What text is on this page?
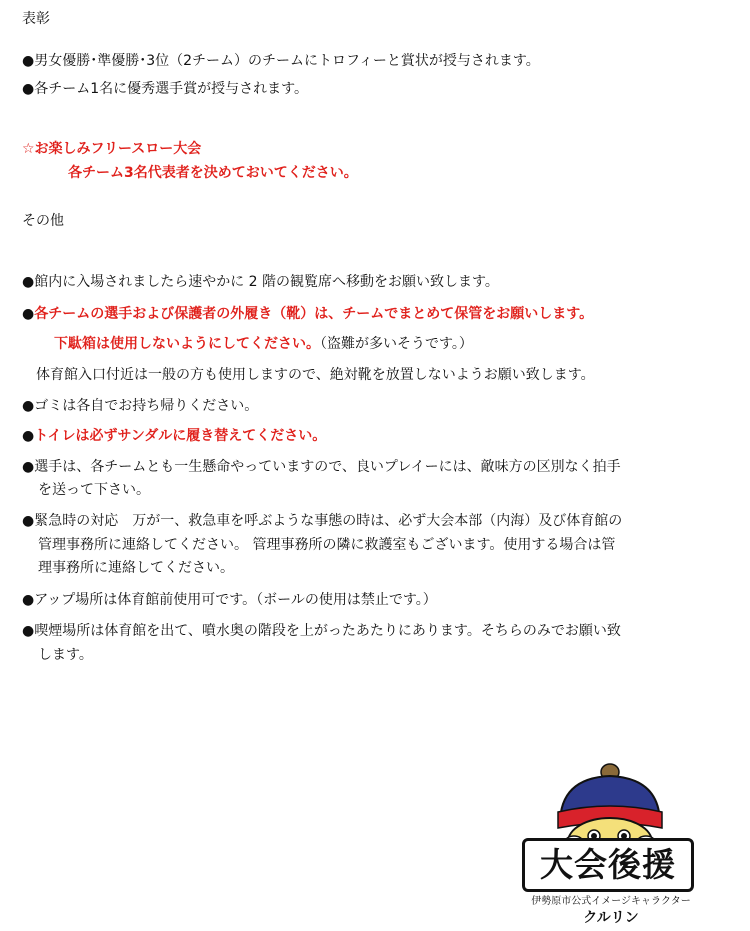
表彰
●男女優勝･準優勝･3位（2チーム）のチームにトロフィーと賞状が授与されます。
●各チーム1名に優秀選手賞が授与されます。
☆お楽しみフリースロー大会
各チーム3名代表者を決めておいてください。
その他
●館内に入場されましたら速やかに 2 階の観覧席へ移動をお願い致します。
●各チームの選手および保護者の外履き（靴）は、チームでまとめて保管をお願いします。
下駄箱は使用しないようにしてください。（盗難が多いそうです。）
体育館入口付近は一般の方も使用しますので、絶対靴を放置しないようお願い致します。
●ゴミは各自でお持ち帰りください。
●トイレは必ずサンダルに履き替えてください。
●選手は、各チームとも一生懸命やっていますので、良いプレイーには、敵味方の区別なく拍手
を送って下さい。
●緊急時の対応　万が一、救急車を呼ぶような事態の時は、必ず大会本部（内海）及び体育館の
管理事務所に連絡してください。 管理事務所の隣に救護室もございます。使用する場合は管
理事務所に連絡してください。
●アップ場所は体育館前使用可です。（ボールの使用は禁止です。）
●喫煙場所は体育館を出て、噴水奥の階段を上がったあたりにあります。そちらのみでお願い致
します。
大会後援
伊勢原市公式イメージキャラクター
クルリン
